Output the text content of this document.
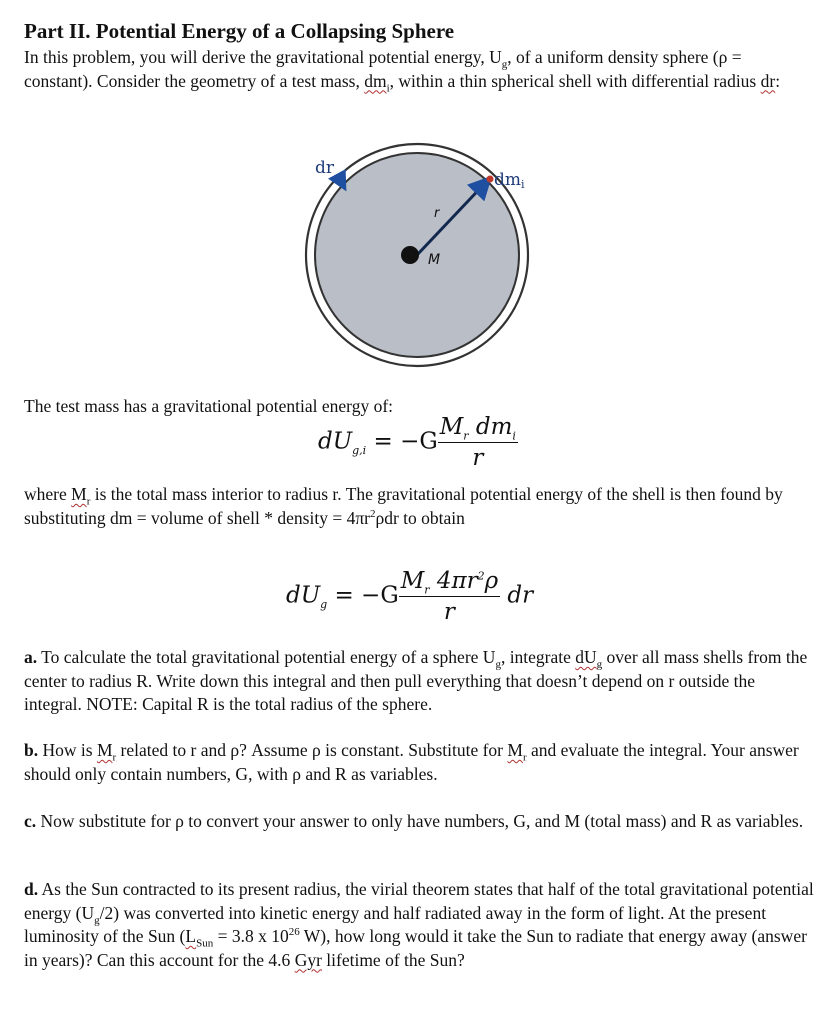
Part II. Potential Energy of a Collapsing Sphere

In this problem, you will derive the gravitational potential energy, $U_g$, of a uniform density sphere (ρ = constant). Consider the geometry of a test mass, $dm_i$, within a thin spherical shell with differential radius dr:

dr
dmi
r
M

The test mass has a gravitational potential energy of:

$dU_{g,i} = -G \frac{M_r dm_i}{r}$

where $M_r$ is the total mass interior to radius r. The gravitational potential energy of the shell is then found by substituting dm = volume of shell * density = $4\pi r^2\rho dr$ to obtain

$dU_g = -G \frac{M_r 4\pi r^2\rho}{r}$ dr

a. To calculate the total gravitational potential energy of a sphere $U_g$, integrate $dU_g$ over all mass shells from the center to radius R. Write down this integral and then pull everything that doesn’t depend on r outside the integral. NOTE: Capital R is the total radius of the sphere.

b. How is $M_r$ related to r and ρ? Assume ρ is constant. Substitute for $M_r$ and evaluate the integral. Your answer should only contain numbers, G, with ρ and R as variables.

c. Now substitute for ρ to convert your answer to only have numbers, G, and M (total mass) and R as variables.

d. As the Sun contracted to its present radius, the virial theorem states that half of the total gravitational potential energy $(U_g/2)$ was converted into kinetic energy and half radiated away in the form of light. At the present luminosity of the Sun ($L_{Sun} = 3.8$ x $10^{26}$ W), how long would it take the Sun to radiate that energy away (answer in years)? Can this account for the 4.6 Gyr lifetime of the Sun?
